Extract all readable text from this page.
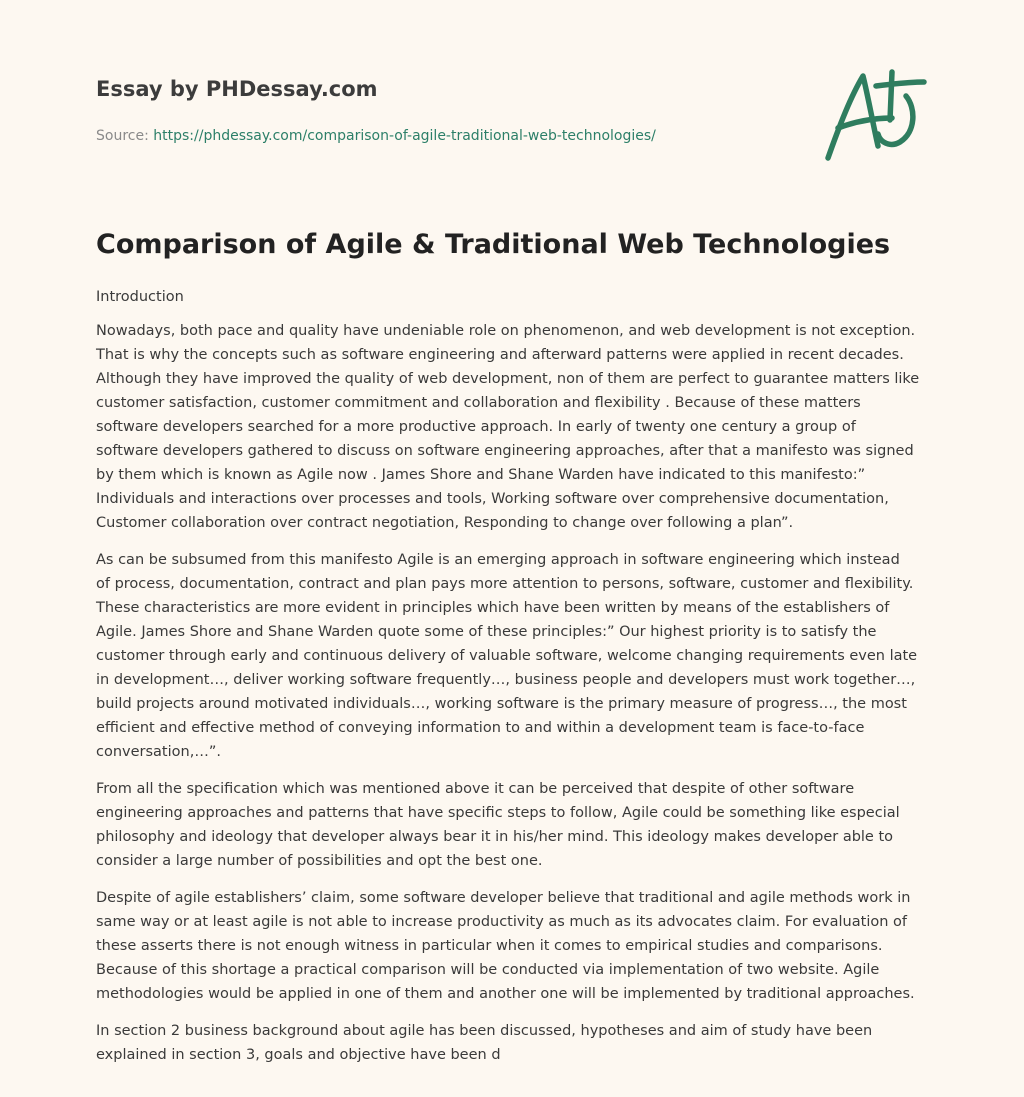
Essay by PHDessay.com

Source: https://phdessay.com/comparison-of-agile-traditional-web-technologies/
Comparison of Agile & Traditional Web Technologies

Introduction

Nowadays, both pace and quality have undeniable role on phenomenon, and web development is not exception.
That is why the concepts such as software engineering and afterward patterns were applied in recent decades.
Although they have improved the quality of web development, non of them are perfect to guarantee matters like
customer satisfaction, customer commitment and collaboration and flexibility . Because of these matters
software developers searched for a more productive approach. In early of twenty one century a group of
software developers gathered to discuss on software engineering approaches, after that a manifesto was signed
by them which is known as Agile now . James Shore and Shane Warden have indicated to this manifesto:”
Individuals and interactions over processes and tools, Working software over comprehensive documentation,
Customer collaboration over contract negotiation, Responding to change over following a plan”.

As can be subsumed from this manifesto Agile is an emerging approach in software engineering which instead
of process, documentation, contract and plan pays more attention to persons, software, customer and flexibility.
These characteristics are more evident in principles which have been written by means of the establishers of
Agile. James Shore and Shane Warden quote some of these principles:” Our highest priority is to satisfy the
customer through early and continuous delivery of valuable software, welcome changing requirements even late
in development…, deliver working software frequently…, business people and developers must work together…,
build projects around motivated individuals…, working software is the primary measure of progress…, the most
efficient and effective method of conveying information to and within a development team is face-to-face
conversation,…”.

From all the specification which was mentioned above it can be perceived that despite of other software
engineering approaches and patterns that have specific steps to follow, Agile could be something like especial
philosophy and ideology that developer always bear it in his/her mind. This ideology makes developer able to
consider a large number of possibilities and opt the best one.

Despite of agile establishers’ claim, some software developer believe that traditional and agile methods work in
same way or at least agile is not able to increase productivity as much as its advocates claim. For evaluation of
these asserts there is not enough witness in particular when it comes to empirical studies and comparisons.
Because of this shortage a practical comparison will be conducted via implementation of two website. Agile
methodologies would be applied in one of them and another one will be implemented by traditional approaches.

In section 2 business background about agile has been discussed, hypotheses and aim of study have been
explained in section 3, goals and objective have been d
